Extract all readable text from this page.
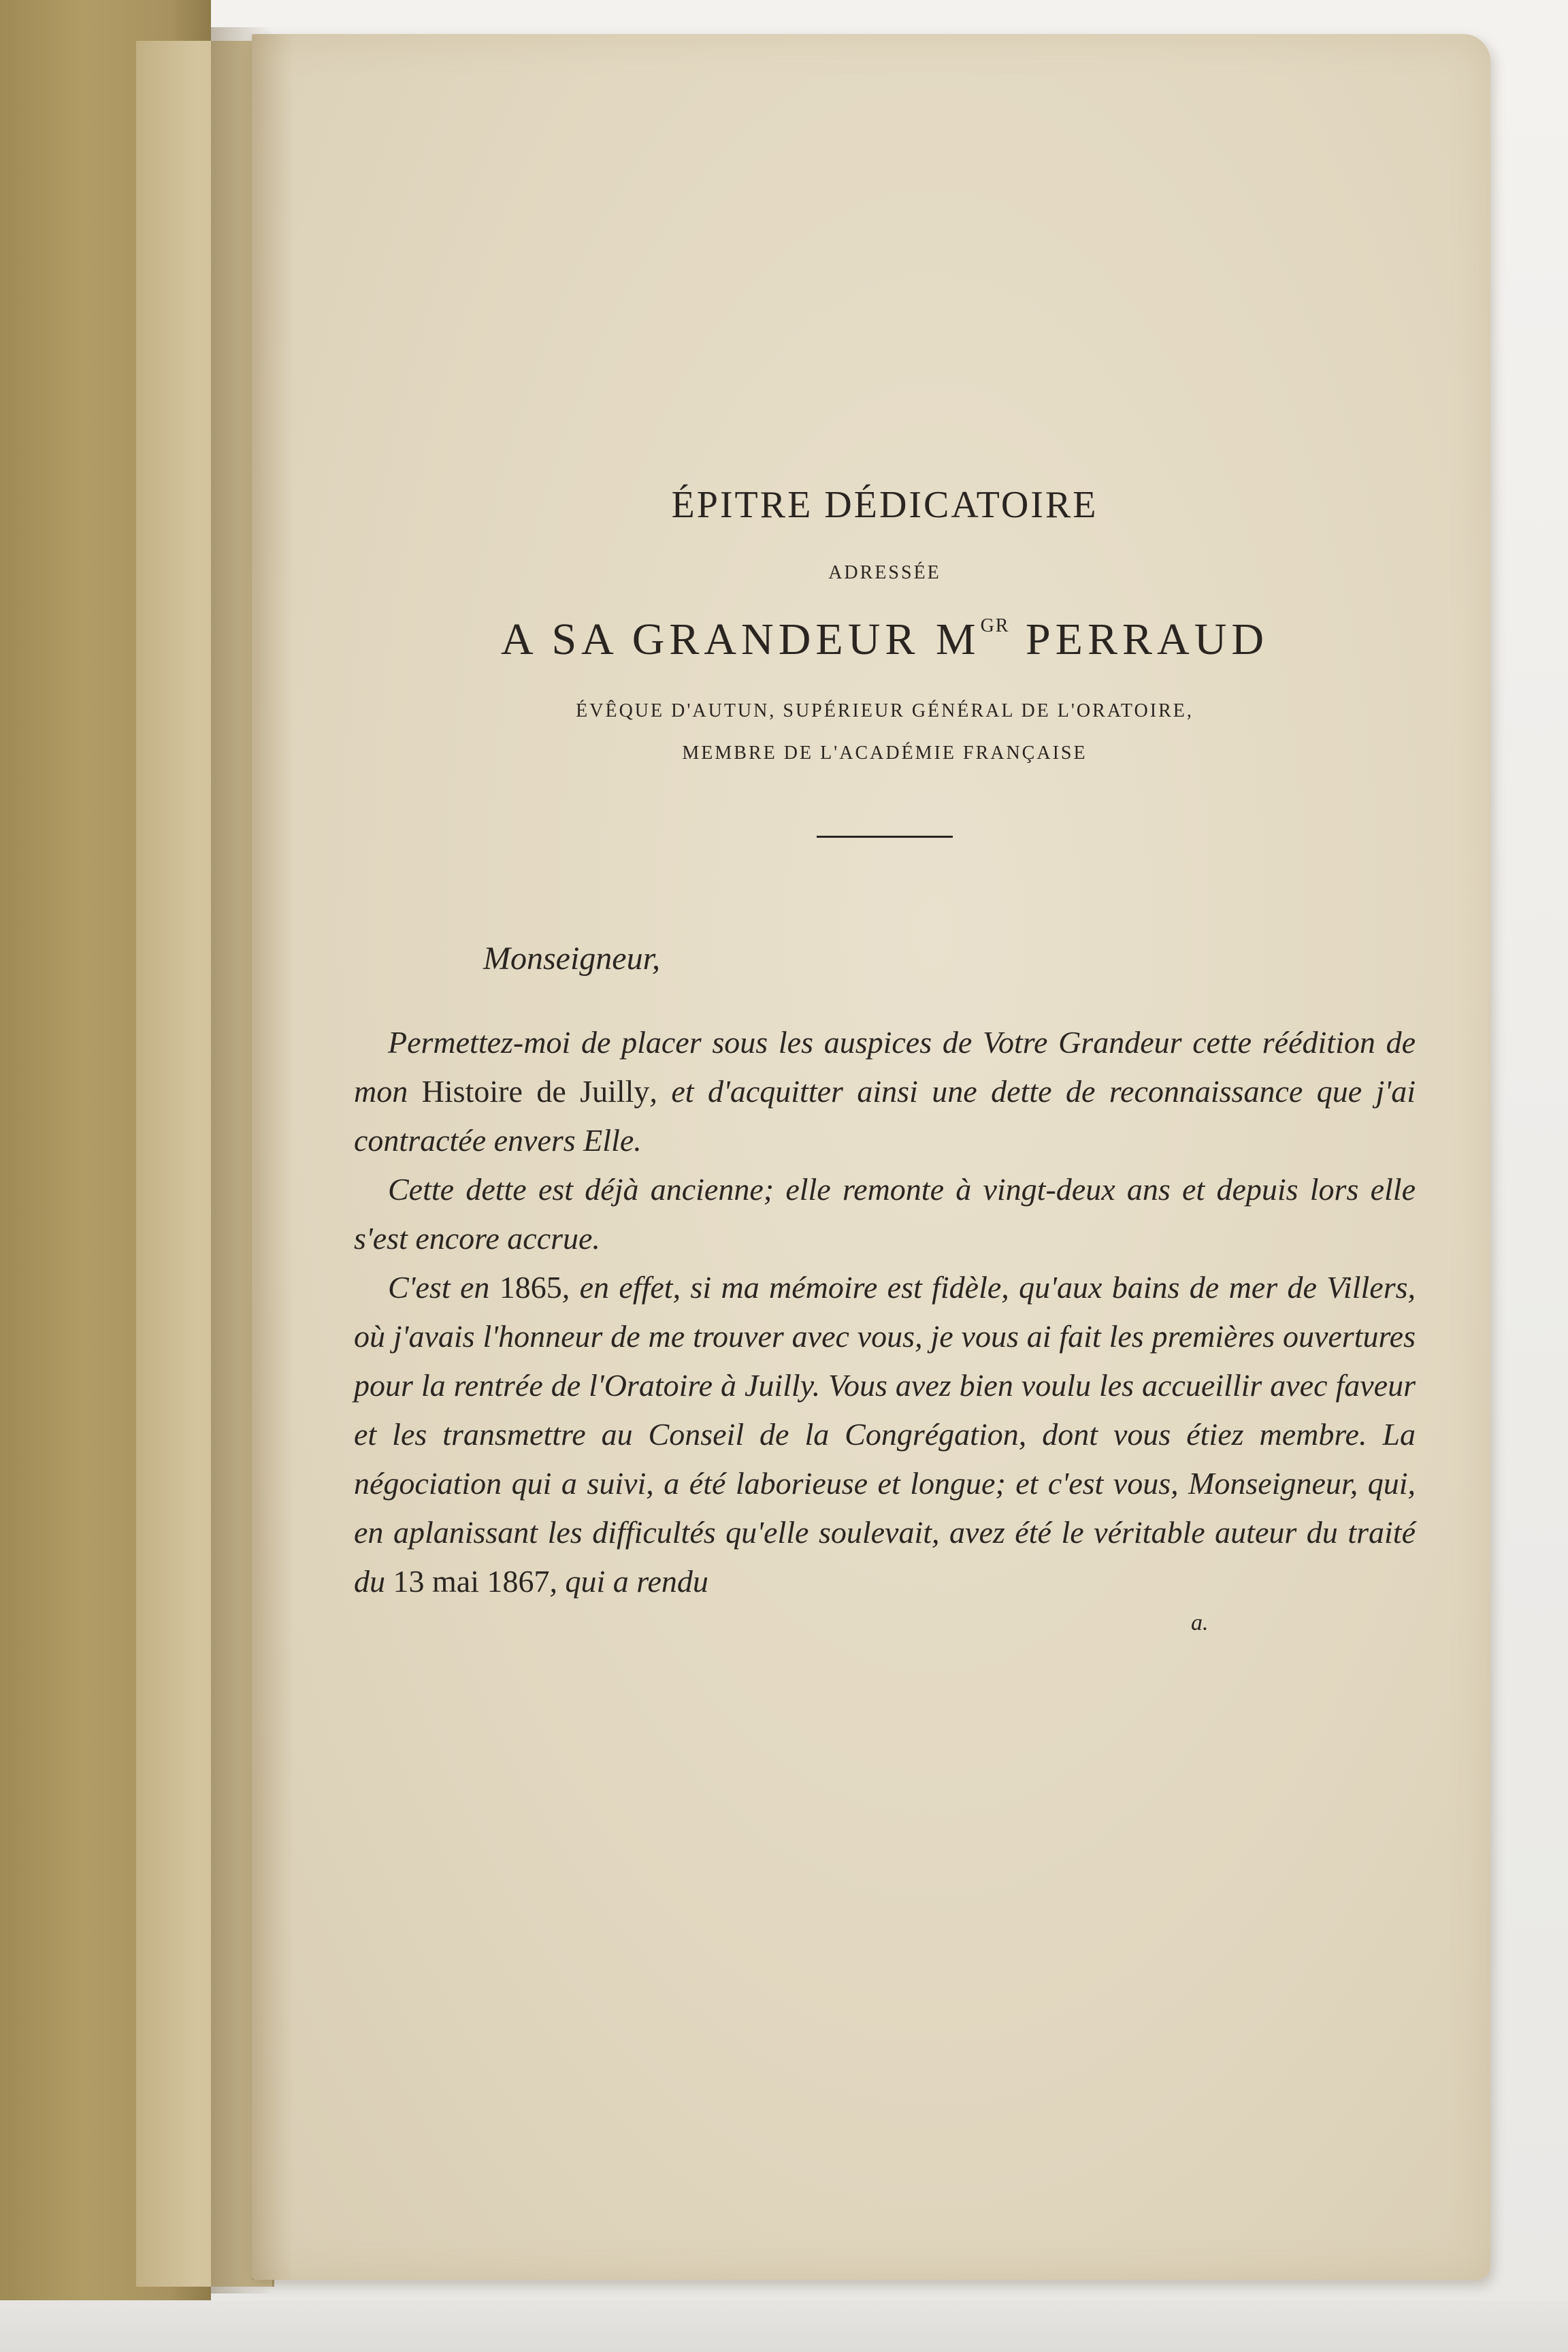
ÉPITRE DÉDICATOIRE
ADRESSÉE
A SA GRANDEUR $M^{GR}$ PERRAUD
ÉVÊQUE D'AUTUN, SUPÉRIEUR GÉNÉRAL DE L'ORATOIRE,
MEMBRE DE L'ACADÉMIE FRANÇAISE
Monseigneur,

Permettez-moi de placer sous les auspices de Votre Grandeur cette réédition de mon Histoire de Juilly, et d'acquitter ainsi une dette de reconnaissance que j'ai contractée envers Elle.

Cette dette est déjà ancienne; elle remonte à vingt-deux ans et depuis lors elle s'est encore accrue.

C'est en 1865, en effet, si ma mémoire est fidèle, qu'aux bains de mer de Villers, où j'avais l'honneur de me trouver avec vous, je vous ai fait les premières ouvertures pour la rentrée de l'Oratoire à Juilly. Vous avez bien voulu les accueillir avec faveur et les transmettre au Conseil de la Congrégation, dont vous étiez membre. La négociation qui a suivi, a été laborieuse et longue; et c'est vous, Monseigneur, qui, en aplanissant les difficultés qu'elle soulevait, avez été le véritable auteur du traité du 13 mai 1867, qui a rendu

a.
